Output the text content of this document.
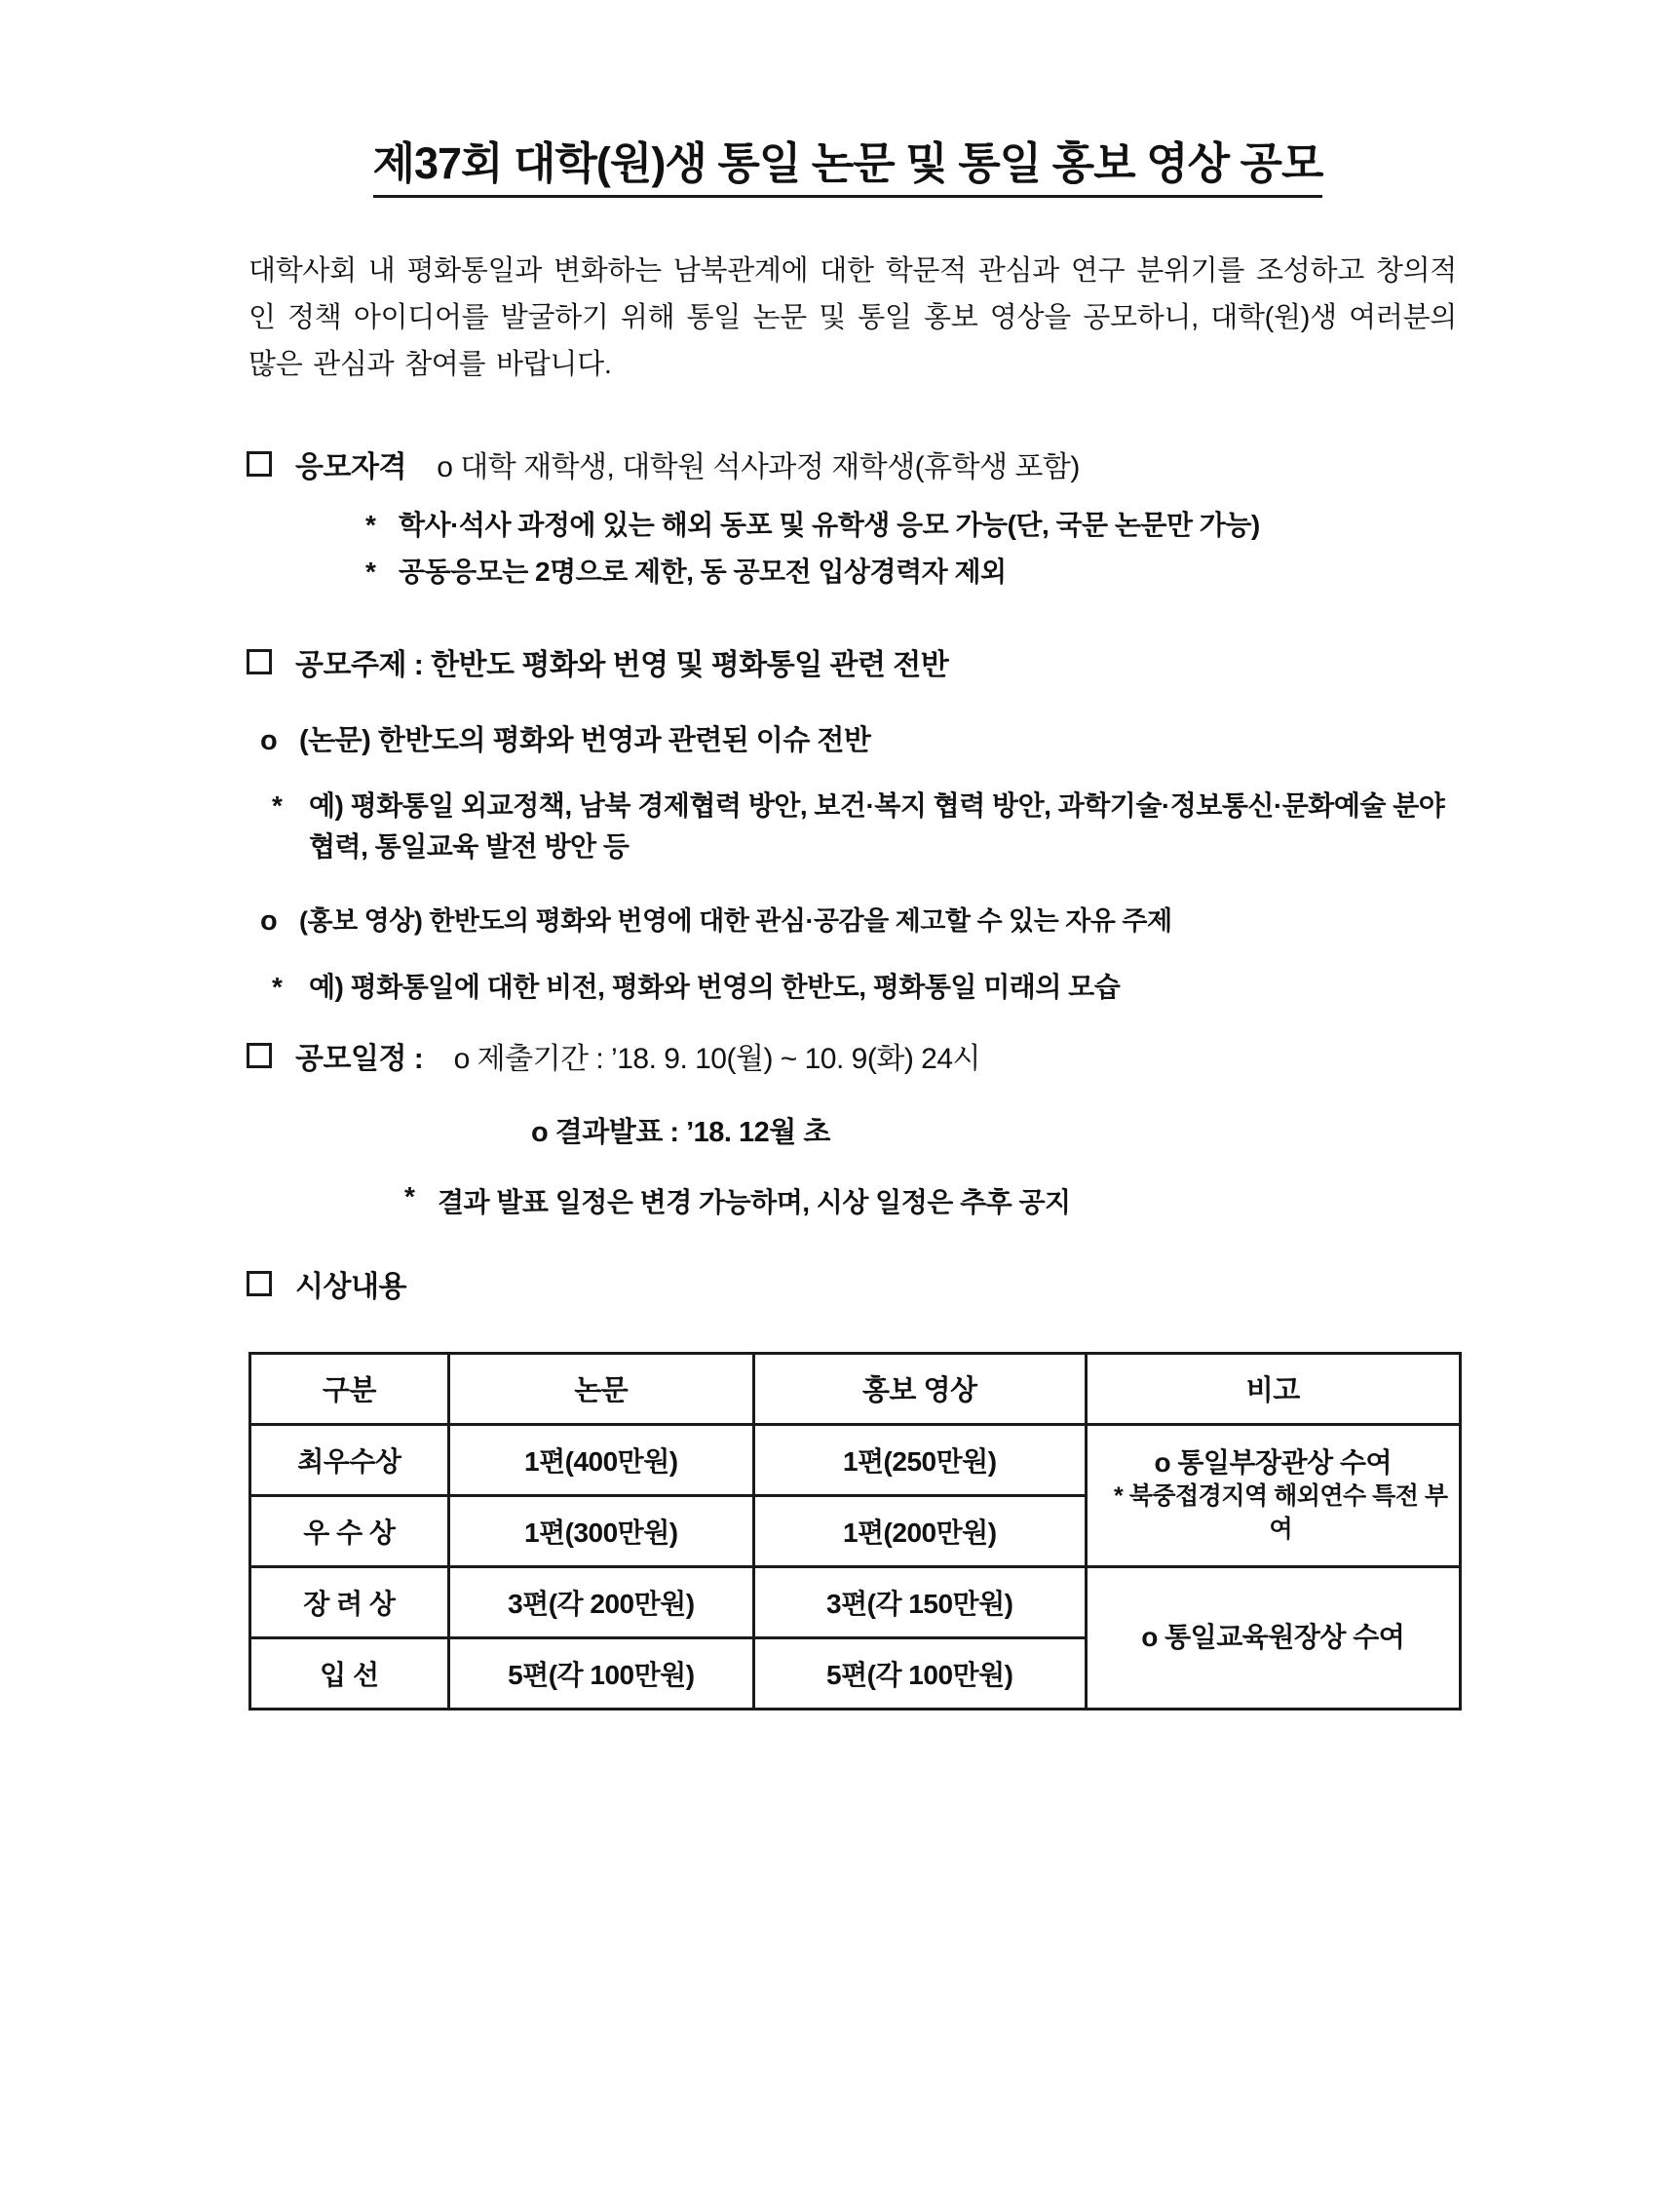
제37회 대학(원)생 통일 논문 및 통일 홍보 영상 공모

대학사회 내 평화통일과 변화하는 남북관계에 대한 학문적 관심과 연구 분위기를 조성하고 창의적인 정책 아이디어를 발굴하기 위해 통일 논문 및 통일 홍보 영상을 공모하니, 대학(원)생 여러분의 많은 관심과 참여를 바랍니다.

응모자격 o 대학 재학생, 대학원 석사과정 재학생(휴학생 포함)
* 학사·석사 과정에 있는 해외 동포 및 유학생 응모 가능(단, 국문 논문만 가능)
* 공동응모는 2명으로 제한, 동 공모전 입상경력자 제외
공모주제 : 한반도 평화와 번영 및 평화통일 관련 전반
o (논문) 한반도의 평화와 번영과 관련된 이슈 전반
* 예) 평화통일 외교정책, 남북 경제협력 방안, 보건·복지 협력 방안, 과학기술·정보통신·문화예술 분야 협력, 통일교육 발전 방안 등
o (홍보 영상) 한반도의 평화와 번영에 대한 관심·공감을 제고할 수 있는 자유 주제
* 예) 평화통일에 대한 비전, 평화와 번영의 한반도, 평화통일 미래의 모습
공모일정 : o 제출기간 : ’18. 9. 10(월) ~ 10. 9(화) 24시
o 결과발표 : ’18. 12월 초
* 결과 발표 일정은 변경 가능하며, 시상 일정은 추후 공지
시상내용
구분	논문	홍보 영상	비고
최우수상	1편(400만원)	1편(250만원)	o 통일부장관상 수여
* 북중접경지역 해외연수 특전 부여

우 수 상	1편(300만원)	1편(200만원)	
장 려 상	3편(각 200만원)	3편(각 150만원)	o 통일교육원장상 수여
입 선	5편(각 100만원)	5편(각 100만원)	
